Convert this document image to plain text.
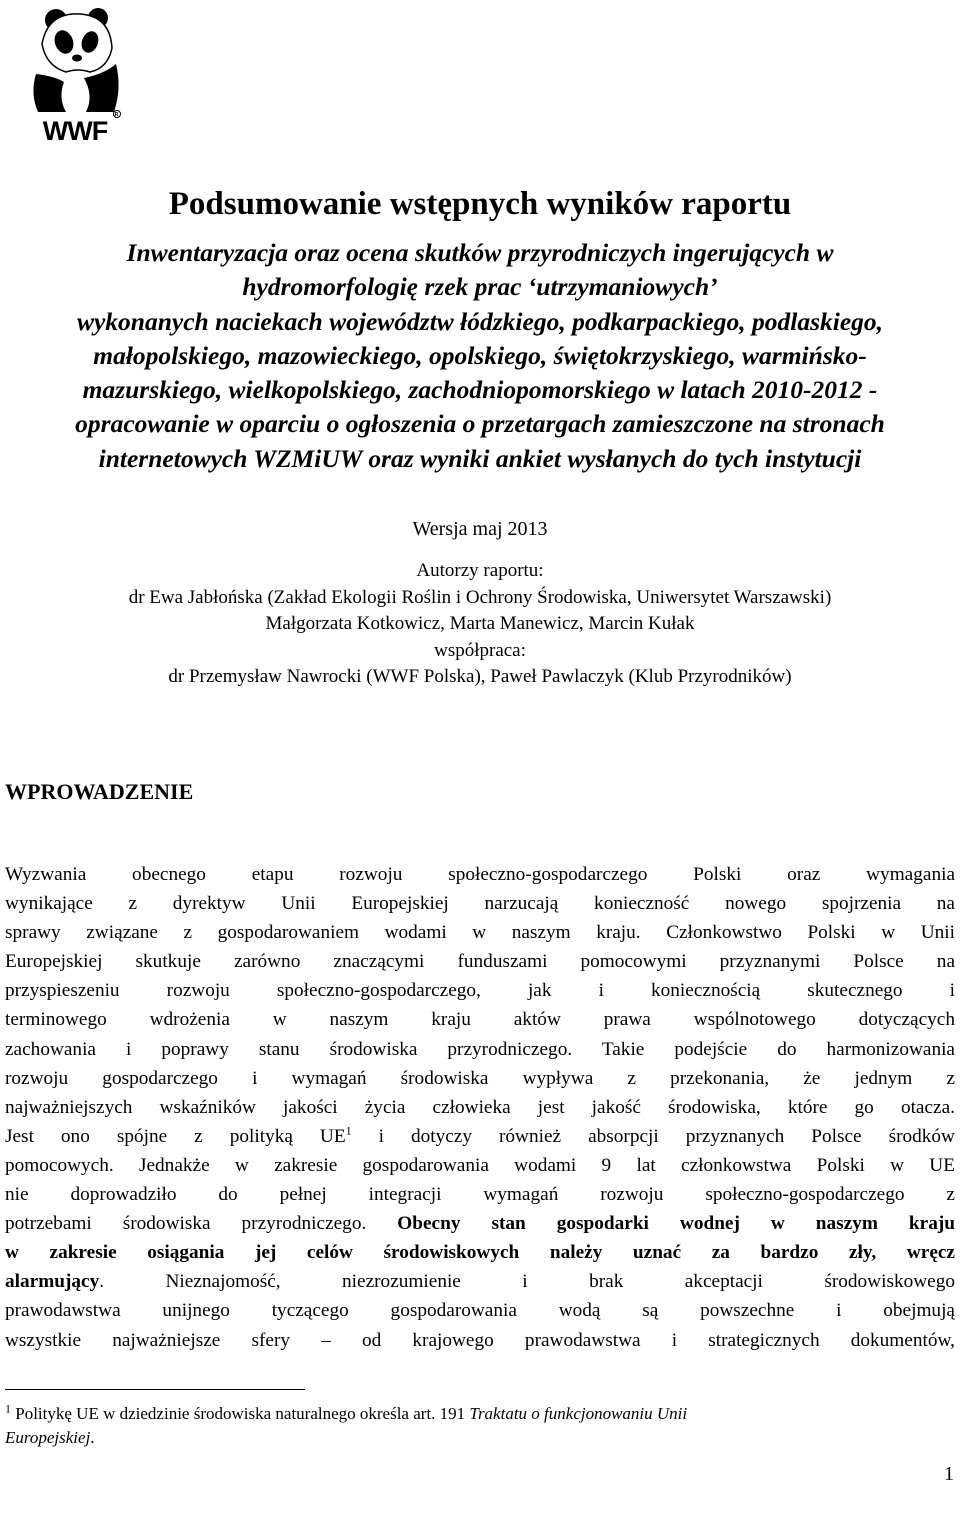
R
WWF
Podsumowanie wstępnych wyników raportu
Inwentaryzacja oraz ocena skutków przyrodniczych ingerujących w
hydromorfologię rzek prac ‘utrzymaniowych’
wykonanych naciekach województw łódzkiego, podkarpackiego, podlaskiego,
małopolskiego, mazowieckiego, opolskiego, świętokrzyskiego, warmińsko-
mazurskiego, wielkopolskiego, zachodniopomorskiego w latach 2010-2012 -
opracowanie w oparciu o ogłoszenia o przetargach zamieszczone na stronach
internetowych WZMiUW oraz wyniki ankiet wysłanych do tych instytucji
Wersja maj 2013
Autorzy raportu:
dr Ewa Jabłońska (Zakład Ekologii Roślin i Ochrony Środowiska, Uniwersytet Warszawski)
Małgorzata Kotkowicz, Marta Manewicz, Marcin Kułak
współpraca:
dr Przemysław Nawrocki (WWF Polska), Paweł Pawlaczyk (Klub Przyrodników)
WPROWADZENIE
Wyzwania obecnego etapu rozwoju społeczno-gospodarczego Polski oraz wymagania
wynikające z dyrektyw Unii Europejskiej narzucają konieczność nowego spojrzenia na
sprawy związane z gospodarowaniem wodami w naszym kraju. Członkowstwo Polski w Unii
Europejskiej skutkuje zarówno znaczącymi funduszami pomocowymi przyznanymi Polsce na
przyspieszeniu rozwoju społeczno-gospodarczego, jak i koniecznością skutecznego i
terminowego wdrożenia w naszym kraju aktów prawa wspólnotowego dotyczących
zachowania i poprawy stanu środowiska przyrodniczego. Takie podejście do harmonizowania
rozwoju gospodarczego i wymagań środowiska wypływa z przekonania, że jednym z
najważniejszych wskaźników jakości życia człowieka jest jakość środowiska, które go otacza.
Jest ono spójne z polityką $UE^1$ i dotyczy również absorpcji przyznanych Polsce środków
pomocowych. Jednakże w zakresie gospodarowania wodami 9 lat członkowstwa Polski w UE
nie doprowadziło do pełnej integracji wymagań rozwoju społeczno-gospodarczego z
potrzebami środowiska przyrodniczego. Obecny stan gospodarki wodnej w naszym kraju
w zakresie osiągania jej celów środowiskowych należy uznać za bardzo zły, wręcz
alarmujący. Nieznajomość, niezrozumienie i brak akceptacji środowiskowego
prawodawstwa unijnego tyczącego gospodarowania wodą są powszechne i obejmują
wszystkie najważniejsze sfery – od krajowego prawodawstwa i strategicznych dokumentów,
$^1$ Politykę UE w dziedzinie środowiska naturalnego określa art. 191 Traktatu o funkcjonowaniu Unii
Europejskiej.
1
